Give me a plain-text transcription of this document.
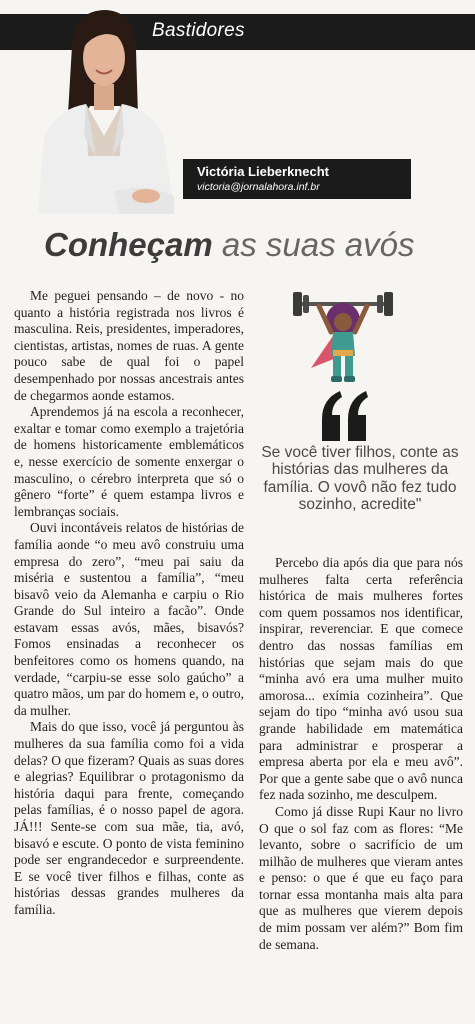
Bastidores
Victória Lieberknecht
victoria@jornalahora.inf.br
Conheçam as suas avós

Me peguei pensando – de novo - no quanto a história registrada nos livros é masculina. Reis, presidentes, imperadores, cientistas, artistas, nomes de ruas. A gente pouco sabe de qual foi o papel desempenhado por nossas ancestrais antes de chegarmos aonde estamos.

Aprendemos já na escola a reconhecer, exaltar e tomar como exemplo a trajetória de homens historicamente emblemáticos e, nesse exercício de somente enxergar o masculino, o cérebro interpreta que só o gênero “forte” é quem estampa livros e lembranças sociais.

Ouvi incontáveis relatos de histórias de família aonde “o meu avô construiu uma empresa do zero”, “meu pai saiu da miséria e sustentou a família”, “meu bisavô veio da Alemanha e carpiu o Rio Grande do Sul inteiro a facão”. Onde estavam essas avós, mães, bisavós? Fomos ensinadas a reconhecer os benfeitores como os homens quando, na verdade, “carpiu-se esse solo gaúcho” a quatro mãos, um par do homem e, o outro, da mulher.

Mais do que isso, você já perguntou às mulheres da sua família como foi a vida delas? O que fizeram? Quais as suas dores e alegrias? Equilibrar o protagonismo da história daqui para frente, começando pelas famílias, é o nosso papel de agora. JÁ!!! Sente-se com sua mãe, tia, avó, bisavó e escute. O ponto de vista feminino pode ser engrandecedor e surpreendente. E se você tiver filhos e filhas, conte as histórias dessas grandes mulheres da família.

Se você tiver filhos, conte as histórias das mulheres da família. O vovô não fez tudo sozinho, acredite"

Percebo dia após dia que para nós mulheres falta certa referência histórica de mais mulheres fortes com quem possamos nos identificar, inspirar, reverenciar. E que comece dentro das nossas famílias em histórias que sejam mais do que “minha avó era uma mulher muito amorosa... exímia cozinheira”. Que sejam do tipo “minha avó usou sua grande habilidade em matemática para administrar e prosperar a empresa aberta por ela e meu avô”. Por que a gente sabe que o avô nunca fez nada sozinho, me desculpem.

Como já disse Rupi Kaur no livro O que o sol faz com as flores: “Me levanto, sobre o sacrifício de um milhão de mulheres que vieram antes e penso: o que é que eu faço para tornar essa montanha mais alta para que as mulheres que vierem depois de mim possam ver além?” Bom fim de semana.
